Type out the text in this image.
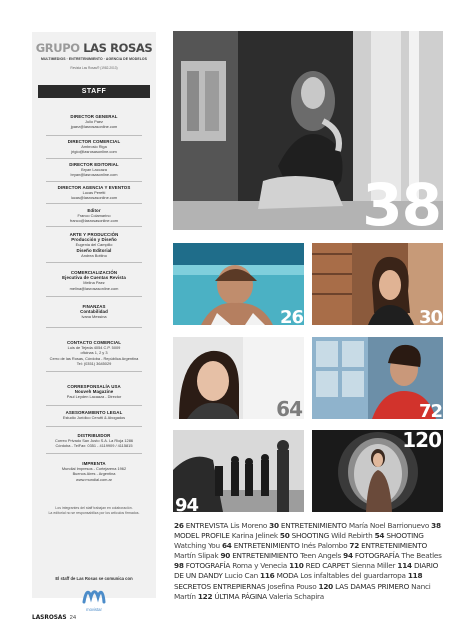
GRUPO LAS ROSAS
MULTIMEDIOS · ENTRETENIMIENTO · AGENCIA DE MODELOS
Revista Las Rosas® (1982-2013)
STAFF
DIRECTOR GENERAL
Julio Paez
jpaez@lasrosasonline.com
DIRECTOR COMERCIAL
Ambrosio Riga
jrigio@lasrosasonline.com
DIRECTOR EDITORIAL
Bryan Laccaza
bryan@lasrosasonline.com
DIRECTOR AGENCIA Y EVENTOS
Lucas Peretti
lucas@lasrosasonline.com
Editor
Franco Colamarino
franco@lasrosasonline.com
ARTE Y PRODUCCIÓN
Producción y Diseño
Eugenia del Campillo
Diseño Editorial
Andrea Bottino
COMERCIALIZACIÓN
Ejecutiva de Cuentas Revista
Melina Paez
melina@lasrosasonline.com
FINANZAS
Contabilidad
Ivana Messina
CONTACTO COMERCIAL
Luis de Tejeda 4054 C.P. 5009
oficinas 1, 2 y 3
Cerro de las Rosas, Córdoba - República Argentina
Tel: (0351) 3645029
CORRESPONSALÍA USA
Nouveh Magazine
Paul Leyden Lacaaza - Director
ASESORAMIENTO LEGAL
Estudio Jurídico Cerutti & Abogados
DISTRIBUIDOR
Correo Privado San Justo S.A. La Rioja 1286
Córdoba - TelFax: 0351 - 4119909 / 4115815
IMPRENTA
Mundial Impresos - Cortejarena 1962
Buenos Aires - Argentina
www.mundial.com.ar
Los integrantes del staff trabajan en colaboración.
La editorial no se responsabiliza por los artículos firmados.
El staff de Las Rosas se comunica con
movistar
38
26	30
64	72
94
120
26 ENTREVISTA Lis Moreno 30 ENTRETENIMIENTO María Noel Barrionuevo 38 MODEL PROFILE Karina Jelinek 50 SHOOTING Wild Rebirth 54 SHOOTING Watching You 64 ENTRETENIMIENTO Inés Palombo 72 ENTRETENIMIENTO Martín Slipak 90 ENTRETENIMIENTO Teen Angels 94 FOTOGRAFÍA The Beatles 98 FOTOGRAFÍA Roma y Venecia 110 RED CARPET Sienna Miller 114 DIARIO DE UN DANDY Lucio Can 116 MODA Los infaltables del guardarropa 118 SECRETOS ENTREPIERNAS Josefina Pouso 120 LAS DAMAS PRIMERO Nanci Martín 122 ÚLTIMA PÁGINA Valeria Schapira
LASROSAS 24
